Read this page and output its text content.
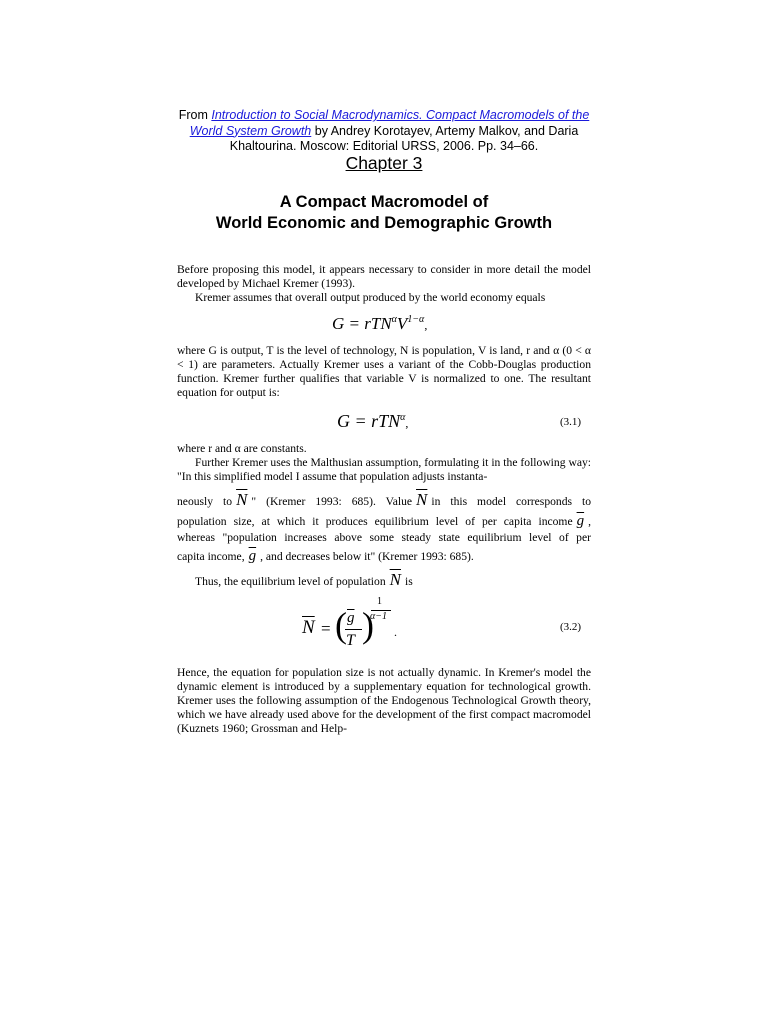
From Introduction to Social Macrodynamics. Compact Macromodels of the World System Growth by Andrey Korotayev, Artemy Malkov, and Daria Khaltourina. Moscow: Editorial URSS, 2006. Pp. 34–66.
Chapter 3
A Compact Macromodel of
World Economic and Demographic Growth
Before proposing this model, it appears necessary to consider in more detail the model developed by Michael Kremer (1993).
Kremer assumes that overall output produced by the world economy equals
$G = rTN^\alpha V^{1-\alpha}$,
where G is output, T is the level of technology, N is population, V is land, r and α (0 < α < 1) are parameters. Actually Kremer uses a variant of the Cobb-Douglas production function. Kremer further qualifies that variable V is normalized to one. The resultant equation for output is:
G = rTN$^\alpha$,	(3.1)
where r and α are constants.
Further Kremer uses the Malthusian assumption, formulating it in the following way: "In this simplified model I assume that population adjusts instanta-
neously to $\overline{N}$ " (Kremer 1993: 685). Value $\overline{N}$ in this model corresponds to
population size, at which it produces equilibrium level of per capita income $\overline{g}$ ,
whereas "population increases above some steady state equilibrium level of per
capita income, $\overline{g}$ , and decreases below it" (Kremer 1993: 685).
Thus, the equilibrium level of population $\overline{N}$ is
$\overline{N}$ = ( $\overline{g}$
T )
1
α−1
.	(3.2)
Hence, the equation for population size is not actually dynamic. In Kremer's model the dynamic element is introduced by a supplementary equation for technological growth. Kremer uses the following assumption of the Endogenous Technological Growth theory, which we have already used above for the development of the first compact macromodel (Kuznets 1960; Grossman and Help-
